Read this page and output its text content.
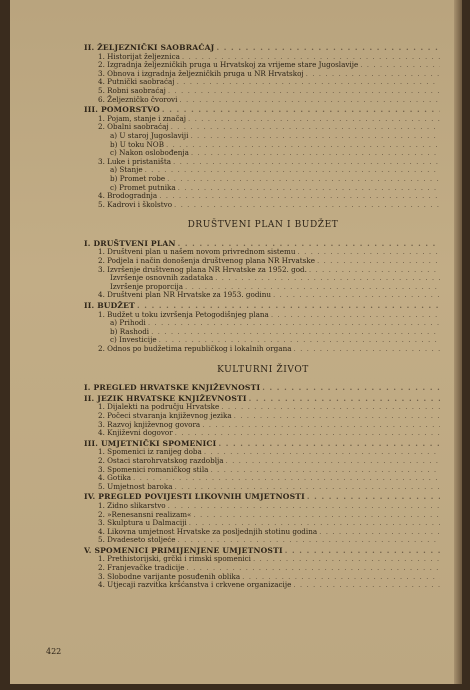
II. ŽELJEZNIČKI SAOBRAĆAJ
. . .
1. Historijat željeznica
. . .
2. Izgradnja željezničkih pruga u Hrvatskoj za vrijeme stare Jugoslavije
. . .
3. Obnova i izgradnja željezničkih pruga u NR Hrvatskoj
. . .
4. Putnički saobraćaj
. . .
5. Robni saobraćaj
. . .
6. Željezničko čvorovi
. . .
III. POMORSTVO
. . .
1. Pojam, stanje i značaj
. . .
2. Obalni saobraćaj
. . .
a) U staroj Jugoslaviji
. . .
b) U toku NOB
. . .
c) Nakon oslobođenja
. . .
3. Luke i pristaništa
. . .
a) Stanje
. . .
b) Promet robe
. . .
c) Promet putnika
. . .
4. Brodogradnja
. . .
5. Kadrovi i školstvo
. . .
DRUŠTVENI PLAN I BUDŽET
I. DRUŠTVENI PLAN
. . .
1. Društveni plan u našem novom privrednom sistemu
. . .
2. Podjela i način donošenja društvenog plana NR Hrvatske
. . .
3. Izvršenje društvenog plana NR Hrvatske za 1952. god.
. . .
Izvršenje osnovnih zadataka
. . .
Izvršenje proporcija
. . .
4. Društveni plan NR Hrvatske za 1953. godinu
. . .
II. BUDŽET
. . .
1. Budžet u toku izvršenja Petogodišnjeg plana
. . .
a) Prihodi
. . .
b) Rashodi
. . .
c) Investicije
. . .
2. Odnos po budžetima republičkog i lokalnih organa
. . .
KULTURNI ŽIVOT
I. PREGLED HRVATSKE KNJIŽEVNOSTI
. . .
II. JEZIK HRVATSKE KNJIŽEVNOSTI
. . .
1. Dijalekti na području Hrvatske
. . .
2. Počeci stvaranja književnog jezika
. . .
3. Razvoj književnog govora
. . .
4. Književni dogovor
. . .
III. UMJETNIČKI SPOMENICI
. . .
1. Spomenici iz ranijeg doba
. . .
2. Ostaci starohrvatskog razdoblja
. . .
3. Spomenici romaničkog stila
. . .
4. Gotika
. . .
5. Umjetnost baroka
. . .
IV. PREGLED POVIJESTI LIKOVNIH UMJETNOSTI
. . .
1. Zidno slikarstvo
. . .
2. »Renesansni realizam«
. . .
3. Skulptura u Dalmaciji
. . .
4. Likovna umjetnost Hrvatske za posljednjih stotinu godina
. . .
5. Dvadeseto stoljeće
. . .
V. SPOMENICI PRIMIJENJENE UMJETNOSTI
. . .
1. Prethistorijski, grčki i rimski spomenici
. . .
2. Franjevačke tradicije
. . .
3. Slobodne varijante posuđenih oblika
. . .
4. Utjecaji razvitka kršćanstva i crkvene organizacije
. . .
422
